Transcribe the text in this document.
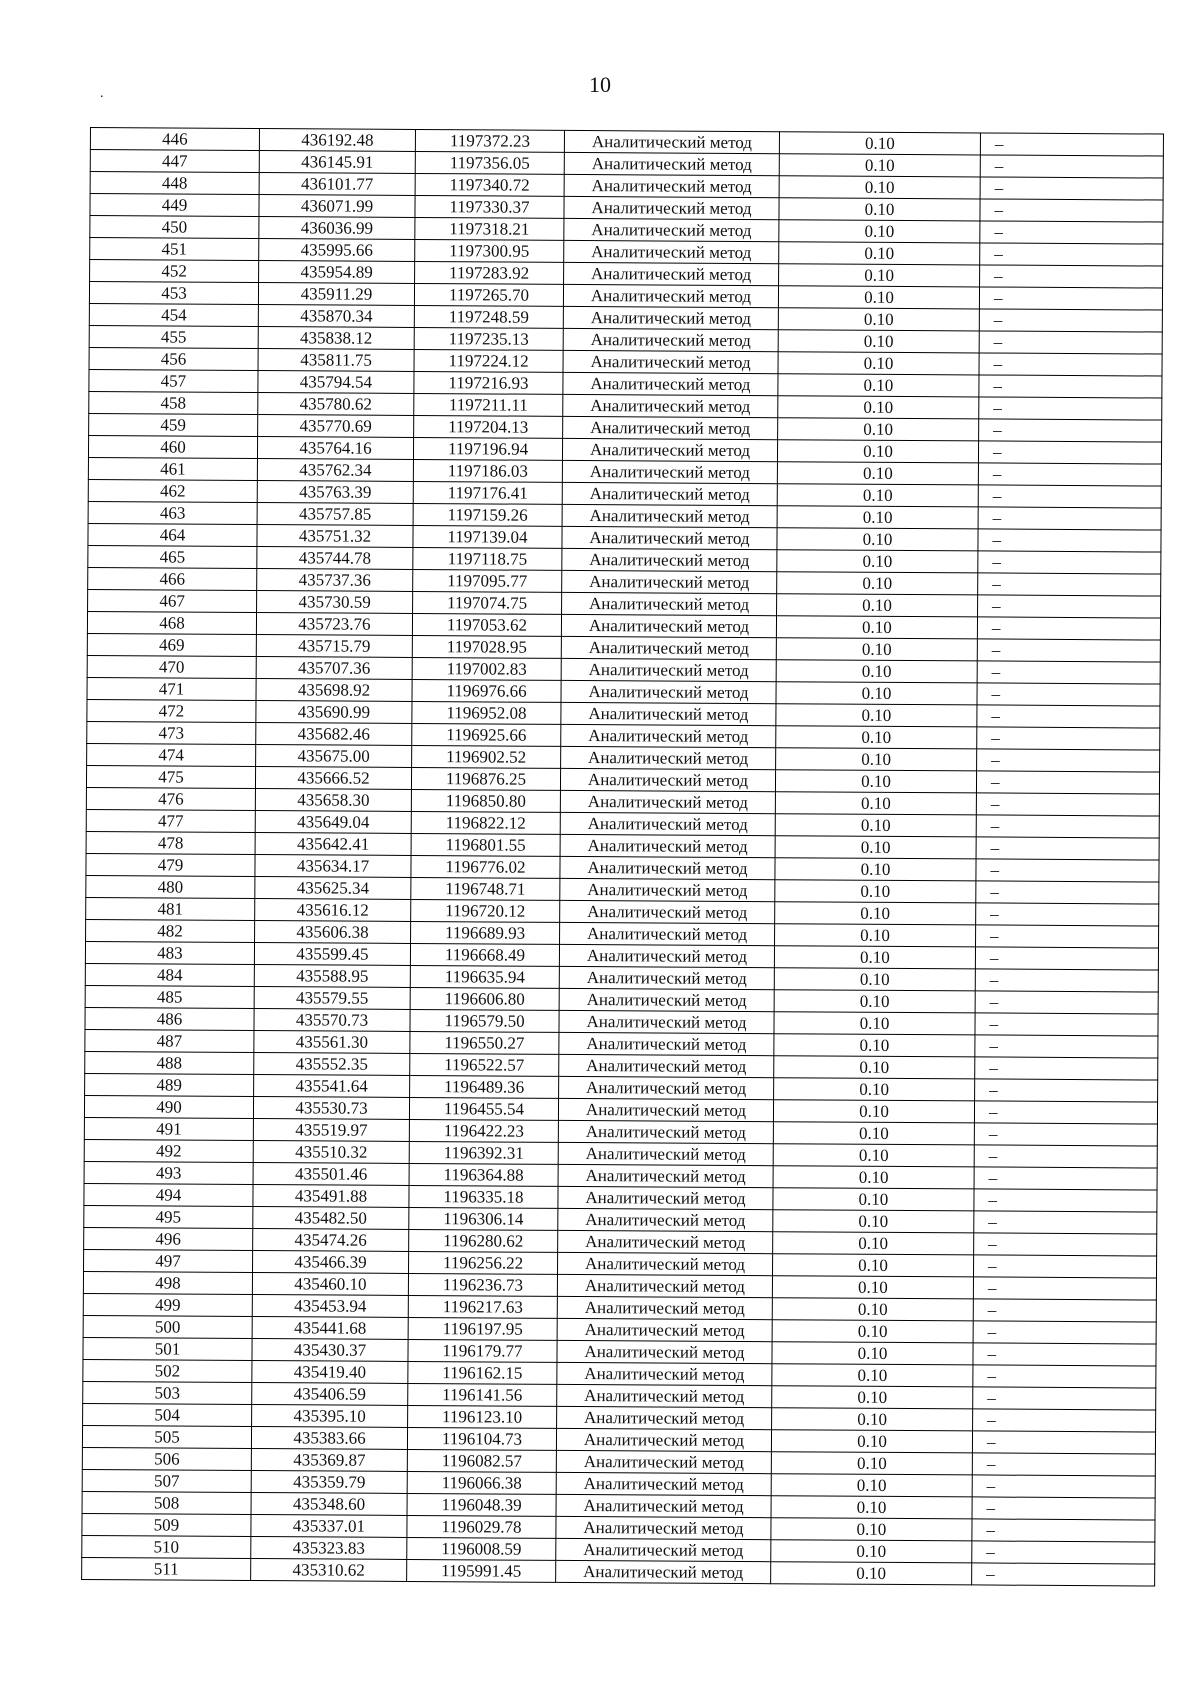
.	10
446	436192.48	1197372.23	Аналитический метод	0.10	–
447	436145.91	1197356.05	Аналитический метод	0.10	–
448	436101.77	1197340.72	Аналитический метод	0.10	–
449	436071.99	1197330.37	Аналитический метод	0.10	–
450	436036.99	1197318.21	Аналитический метод	0.10	–
451	435995.66	1197300.95	Аналитический метод	0.10	–
452	435954.89	1197283.92	Аналитический метод	0.10	–
453	435911.29	1197265.70	Аналитический метод	0.10	–
454	435870.34	1197248.59	Аналитический метод	0.10	–
455	435838.12	1197235.13	Аналитический метод	0.10	–
456	435811.75	1197224.12	Аналитический метод	0.10	–
457	435794.54	1197216.93	Аналитический метод	0.10	–
458	435780.62	1197211.11	Аналитический метод	0.10	–
459	435770.69	1197204.13	Аналитический метод	0.10	–
460	435764.16	1197196.94	Аналитический метод	0.10	–
461	435762.34	1197186.03	Аналитический метод	0.10	–
462	435763.39	1197176.41	Аналитический метод	0.10	–
463	435757.85	1197159.26	Аналитический метод	0.10	–
464	435751.32	1197139.04	Аналитический метод	0.10	–
465	435744.78	1197118.75	Аналитический метод	0.10	–
466	435737.36	1197095.77	Аналитический метод	0.10	–
467	435730.59	1197074.75	Аналитический метод	0.10	–
468	435723.76	1197053.62	Аналитический метод	0.10	–
469	435715.79	1197028.95	Аналитический метод	0.10	–
470	435707.36	1197002.83	Аналитический метод	0.10	–
471	435698.92	1196976.66	Аналитический метод	0.10	–
472	435690.99	1196952.08	Аналитический метод	0.10	–
473	435682.46	1196925.66	Аналитический метод	0.10	–
474	435675.00	1196902.52	Аналитический метод	0.10	–
475	435666.52	1196876.25	Аналитический метод	0.10	–
476	435658.30	1196850.80	Аналитический метод	0.10	–
477	435649.04	1196822.12	Аналитический метод	0.10	–
478	435642.41	1196801.55	Аналитический метод	0.10	–
479	435634.17	1196776.02	Аналитический метод	0.10	–
480	435625.34	1196748.71	Аналитический метод	0.10	–
481	435616.12	1196720.12	Аналитический метод	0.10	–
482	435606.38	1196689.93	Аналитический метод	0.10	–
483	435599.45	1196668.49	Аналитический метод	0.10	–
484	435588.95	1196635.94	Аналитический метод	0.10	–
485	435579.55	1196606.80	Аналитический метод	0.10	–
486	435570.73	1196579.50	Аналитический метод	0.10	–
487	435561.30	1196550.27	Аналитический метод	0.10	–
488	435552.35	1196522.57	Аналитический метод	0.10	–
489	435541.64	1196489.36	Аналитический метод	0.10	–
490	435530.73	1196455.54	Аналитический метод	0.10	–
491	435519.97	1196422.23	Аналитический метод	0.10	–
492	435510.32	1196392.31	Аналитический метод	0.10	–
493	435501.46	1196364.88	Аналитический метод	0.10	–
494	435491.88	1196335.18	Аналитический метод	0.10	–
495	435482.50	1196306.14	Аналитический метод	0.10	–
496	435474.26	1196280.62	Аналитический метод	0.10	–
497	435466.39	1196256.22	Аналитический метод	0.10	–
498	435460.10	1196236.73	Аналитический метод	0.10	–
499	435453.94	1196217.63	Аналитический метод	0.10	–
500	435441.68	1196197.95	Аналитический метод	0.10	–
501	435430.37	1196179.77	Аналитический метод	0.10	–
502	435419.40	1196162.15	Аналитический метод	0.10	–
503	435406.59	1196141.56	Аналитический метод	0.10	–
504	435395.10	1196123.10	Аналитический метод	0.10	–
505	435383.66	1196104.73	Аналитический метод	0.10	–
506	435369.87	1196082.57	Аналитический метод	0.10	–
507	435359.79	1196066.38	Аналитический метод	0.10	–
508	435348.60	1196048.39	Аналитический метод	0.10	–
509	435337.01	1196029.78	Аналитический метод	0.10	–
510	435323.83	1196008.59	Аналитический метод	0.10	–
511	435310.62	1195991.45	Аналитический метод	0.10	–
